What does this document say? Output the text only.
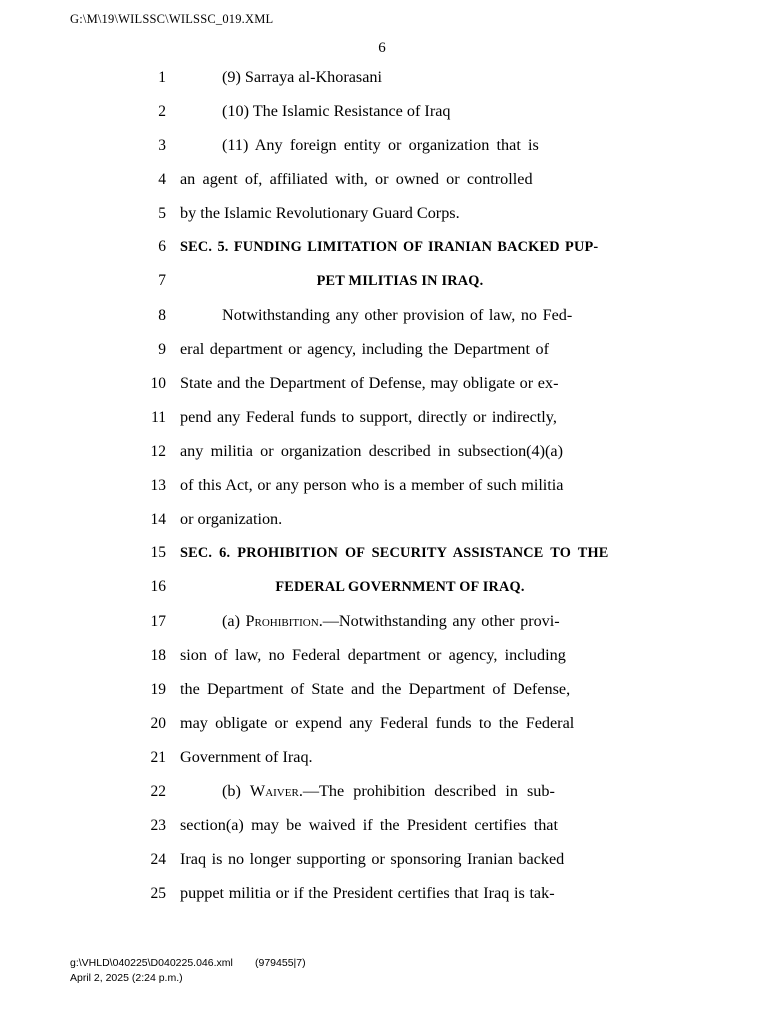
G:\M\19\WILSSC\WILSSC_019.XML
6
1	(9) Sarraya al-Khorasani
2	(10) The Islamic Resistance of Iraq
3	(11) Any foreign entity or organization that is
4 an agent of, affiliated with, or owned or controlled
5 by the Islamic Revolutionary Guard Corps.
6 SEC. 5. FUNDING LIMITATION OF IRANIAN BACKED PUP-
7	PET MILITIAS IN IRAQ.
8	Notwithstanding any other provision of law, no Fed-
9 eral department or agency, including the Department of
10 State and the Department of Defense, may obligate or ex-
11 pend any Federal funds to support, directly or indirectly,
12 any militia or organization described in subsection(4)(a)
13 of this Act, or any person who is a member of such militia
14 or organization.
15 SEC. 6. PROHIBITION OF SECURITY ASSISTANCE TO THE
16	FEDERAL GOVERNMENT OF IRAQ.
17	(a) Prohibition.—Notwithstanding any other provi-
18 sion of law, no Federal department or agency, including
19 the Department of State and the Department of Defense,
20 may obligate or expend any Federal funds to the Federal
21 Government of Iraq.
22	(b) Waiver.—The prohibition described in sub-
23 section(a) may be waived if the President certifies that
24 Iraq is no longer supporting or sponsoring Iranian backed
25 puppet militia or if the President certifies that Iraq is tak-
g:\VHLD\040225\D040225.046.xml	(979455|7)
April 2, 2025 (2:24 p.m.)
